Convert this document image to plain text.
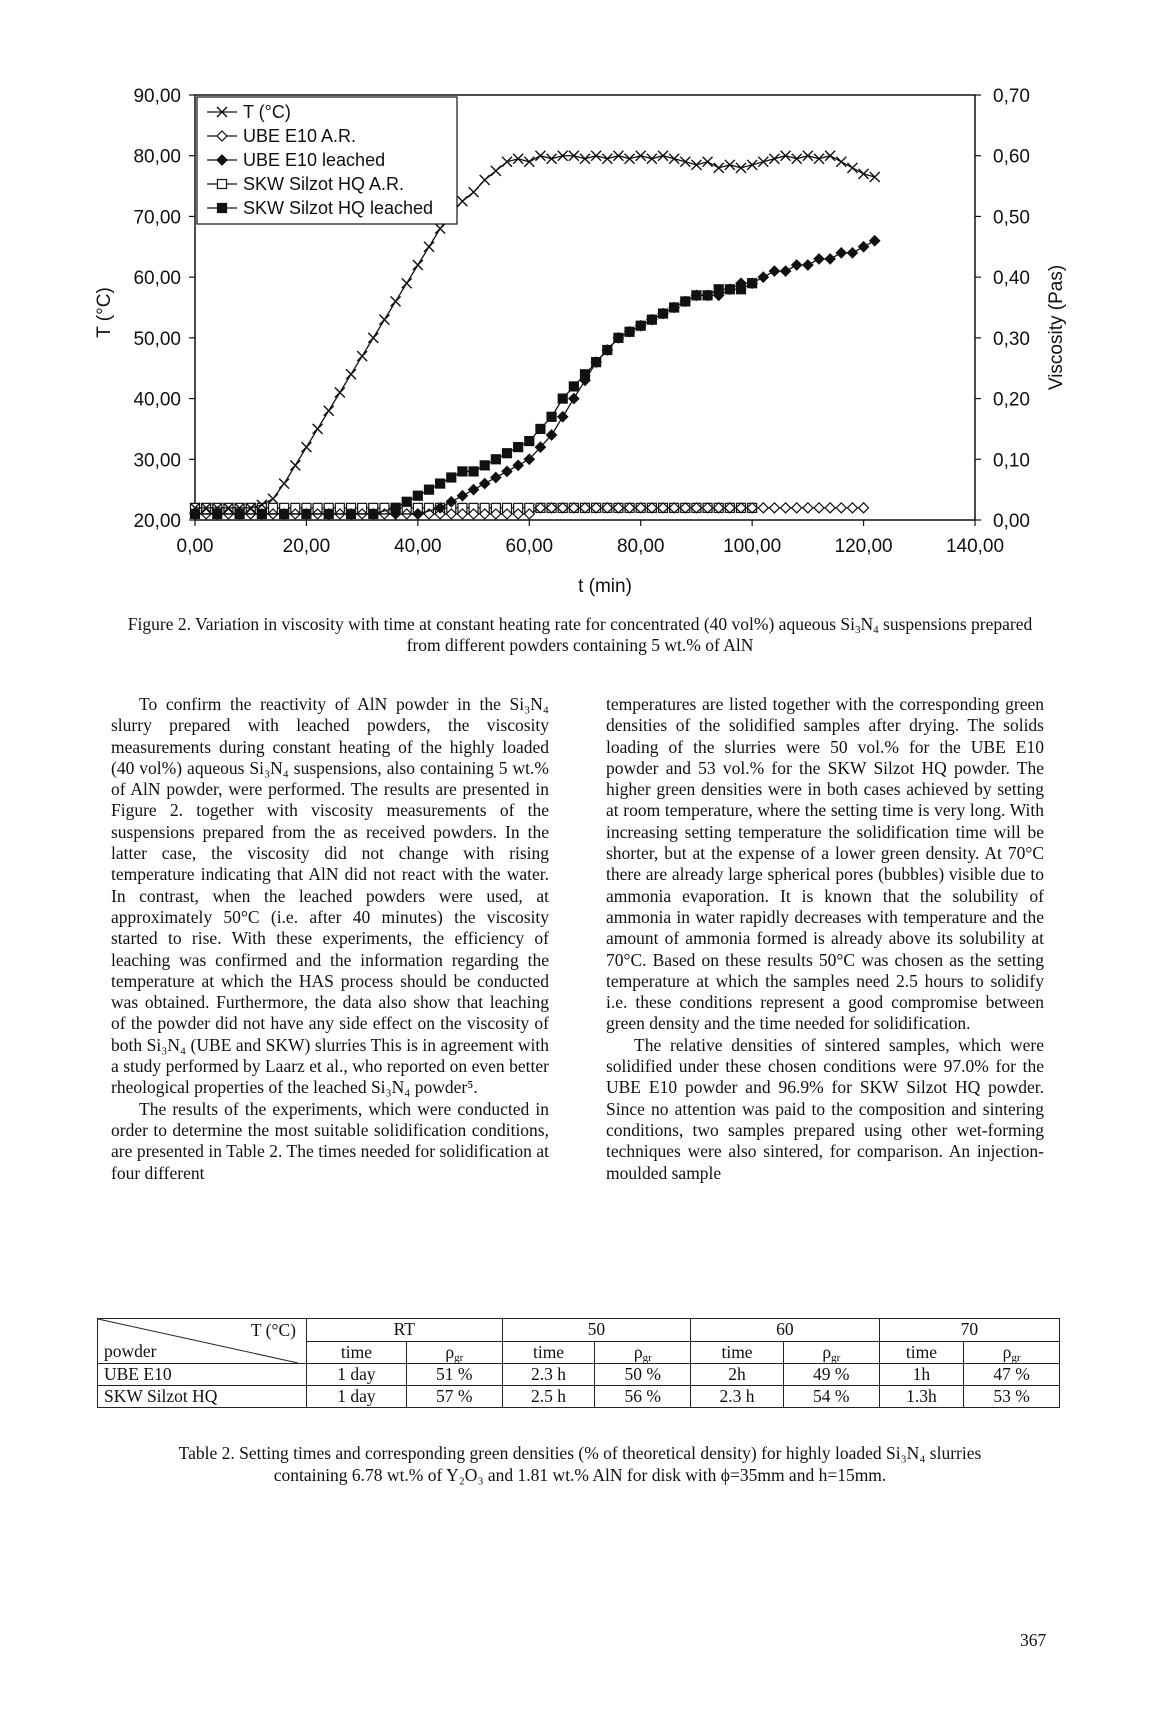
0,00	20,00	40,00	60,00	80,00	100,00	120,00	140,00
20,00
30,00
40,00
50,00
60,00
70,00
80,00
90,00
0,00
0,10
0,20
0,30
0,40
0,50
0,60
0,70
t (min)
T (°C)	Viscosity (Pas)
T (°C)
UBE E10 A.R.
UBE E10 leached
SKW Silzot HQ A.R.
SKW Silzot HQ leached
Figure 2. Variation in viscosity with time at constant heating rate for concentrated (40 vol%) aqueous $Si_3N_4$ suspensions prepared from different powders containing 5 wt.% of AlN

To confirm the reactivity of AlN powder in the Si₃N₄ slurry prepared with leached powders, the viscosity measurements during constant heating of the highly loaded (40 vol%) aqueous Si₃N₄ suspensions, also containing 5 wt.% of AlN powder, were performed. The results are presented in Figure 2. together with viscosity measurements of the suspensions prepared from the as received powders. In the latter case, the viscosity did not change with rising temperature indicating that AlN did not react with the water. In contrast, when the leached powders were used, at approximately 50°C (i.e. after 40 minutes) the viscosity started to rise. With these experiments, the efficiency of leaching was confirmed and the information regarding the temperature at which the HAS process should be conducted was obtained. Furthermore, the data also show that leaching of the powder did not have any side effect on the viscosity of both Si₃N₄ (UBE and SKW) slurries This is in agreement with a study performed by Laarz et al., who reported on even better rheological properties of the leached Si₃N₄ powder⁵.

The results of the experiments, which were conducted in order to determine the most suitable solidification conditions, are presented in Table 2. The times needed for solidification at four different

temperatures are listed together with the corresponding green densities of the solidified samples after drying. The solids loading of the slurries were 50 vol.% for the UBE E10 powder and 53 vol.% for the SKW Silzot HQ powder. The higher green densities were in both cases achieved by setting at room temperature, where the setting time is very long. With increasing setting temperature the solidification time will be shorter, but at the expense of a lower green density. At 70°C there are already large spherical pores (bubbles) visible due to ammonia evaporation. It is known that the solubility of ammonia in water rapidly decreases with temperature and the amount of ammonia formed is already above its solubility at 70°C. Based on these results 50°C was chosen as the setting temperature at which the samples need 2.5 hours to solidify i.e. these conditions represent a good compromise between green density and the time needed for solidification.

The relative densities of sintered samples, which were solidified under these chosen conditions were 97.0% for the UBE E10 powder and 96.9% for SKW Silzot HQ powder. Since no attention was paid to the composition and sintering conditions, two samples prepared using other wet-forming techniques were also sintered, for comparison. An injection-moulded sample

T (°C)
powder	RT		50		60		70	
	time	$\rho_{gr}$	time	$\rho_{gr}$	time	$\rho_{gr}$	time	$\rho_{gr}$
UBE E10	1 day	51 %	2.3 h	50 %	2h	49 %	1h	47 %
SKW Silzot HQ	1 day	57 %	2.5 h	56 %	2.3 h	54 %	1.3h	53 %
Table 2. Setting times and corresponding green densities (% of theoretical density) for highly loaded Si₃N₄ slurries
containing 6.78 wt.% of Y₂O₃ and 1.81 wt.% AlN for disk with ϕ=35mm and h=15mm.
367
